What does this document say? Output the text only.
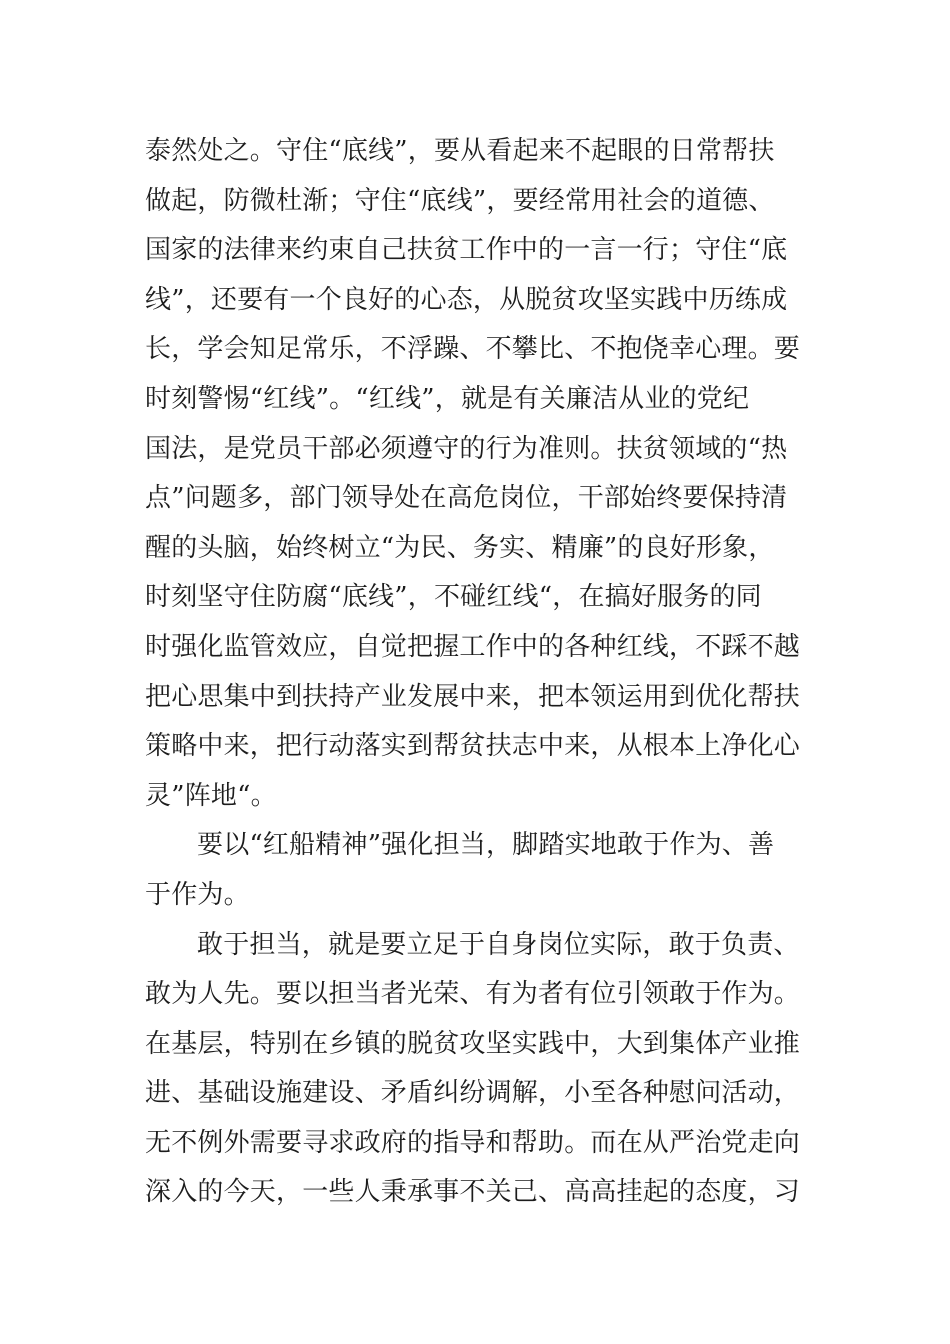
泰然处之。守住“底线”，要从看起来不起眼的日常帮扶
做起，防微杜渐；守住“底线”，要经常用社会的道德、
国家的法律来约束自己扶贫工作中的一言一行；守住“底
线”，还要有一个良好的心态，从脱贫攻坚实践中历练成
长，学会知足常乐，不浮躁、不攀比、不抱侥幸心理。要
时刻警惕“红线”。“红线”，就是有关廉洁从业的党纪
国法，是党员干部必须遵守的行为准则。扶贫领域的“热
点”问题多，部门领导处在高危岗位，干部始终要保持清
醒的头脑，始终树立“为民、务实、精廉”的良好形象，
时刻坚守住防腐“底线”，不碰红线“，在搞好服务的同
时强化监管效应，自觉把握工作中的各种红线，不踩不越
把心思集中到扶持产业发展中来，把本领运用到优化帮扶
策略中来，把行动落实到帮贫扶志中来，从根本上净化心
灵”阵地“。
要以“红船精神”强化担当，脚踏实地敢于作为、善
于作为。
敢于担当，就是要立足于自身岗位实际，敢于负责、
敢为人先。要以担当者光荣、有为者有位引领敢于作为。
在基层，特别在乡镇的脱贫攻坚实践中，大到集体产业推
进、基础设施建设、矛盾纠纷调解，小至各种慰问活动，
无不例外需要寻求政府的指导和帮助。而在从严治党走向
深入的今天，一些人秉承事不关己、高高挂起的态度，习
